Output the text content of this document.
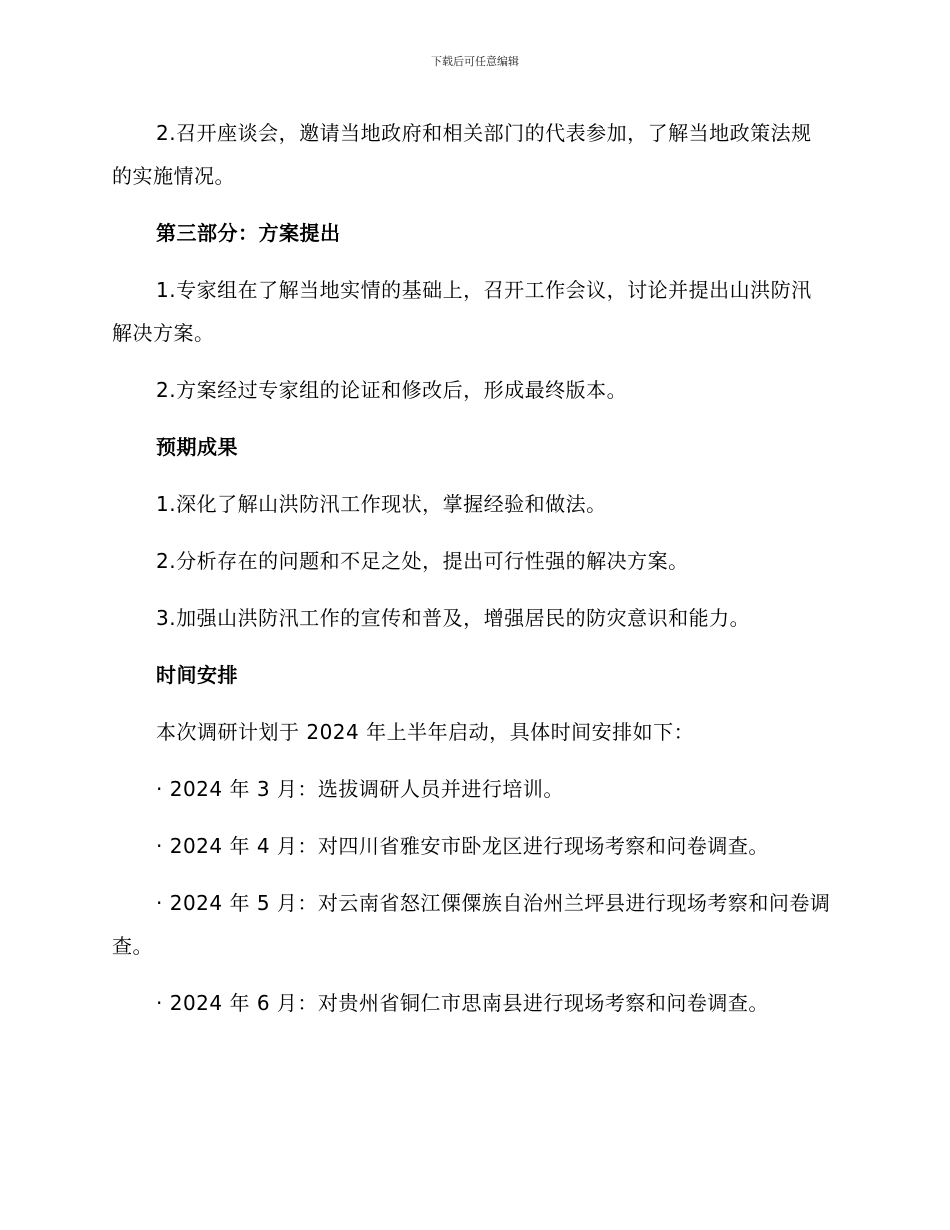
下载后可任意编辑

2.召开座谈会，邀请当地政府和相关部门的代表参加，了解当地政策法规的实施情况。

第三部分：方案提出

1.专家组在了解当地实情的基础上，召开工作会议，讨论并提出山洪防汛解决方案。

2.方案经过专家组的论证和修改后，形成最终版本。

预期成果

1.深化了解山洪防汛工作现状，掌握经验和做法。

2.分析存在的问题和不足之处，提出可行性强的解决方案。

3.加强山洪防汛工作的宣传和普及，增强居民的防灾意识和能力。

时间安排

本次调研计划于 2024 年上半年启动，具体时间安排如下：

· 2024 年 3 月：选拔调研人员并进行培训。

· 2024 年 4 月：对四川省雅安市卧龙区进行现场考察和问卷调查。

· 2024 年 5 月：对云南省怒江傈僳族自治州兰坪县进行现场考察和问卷调查。

· 2024 年 6 月：对贵州省铜仁市思南县进行现场考察和问卷调查。
